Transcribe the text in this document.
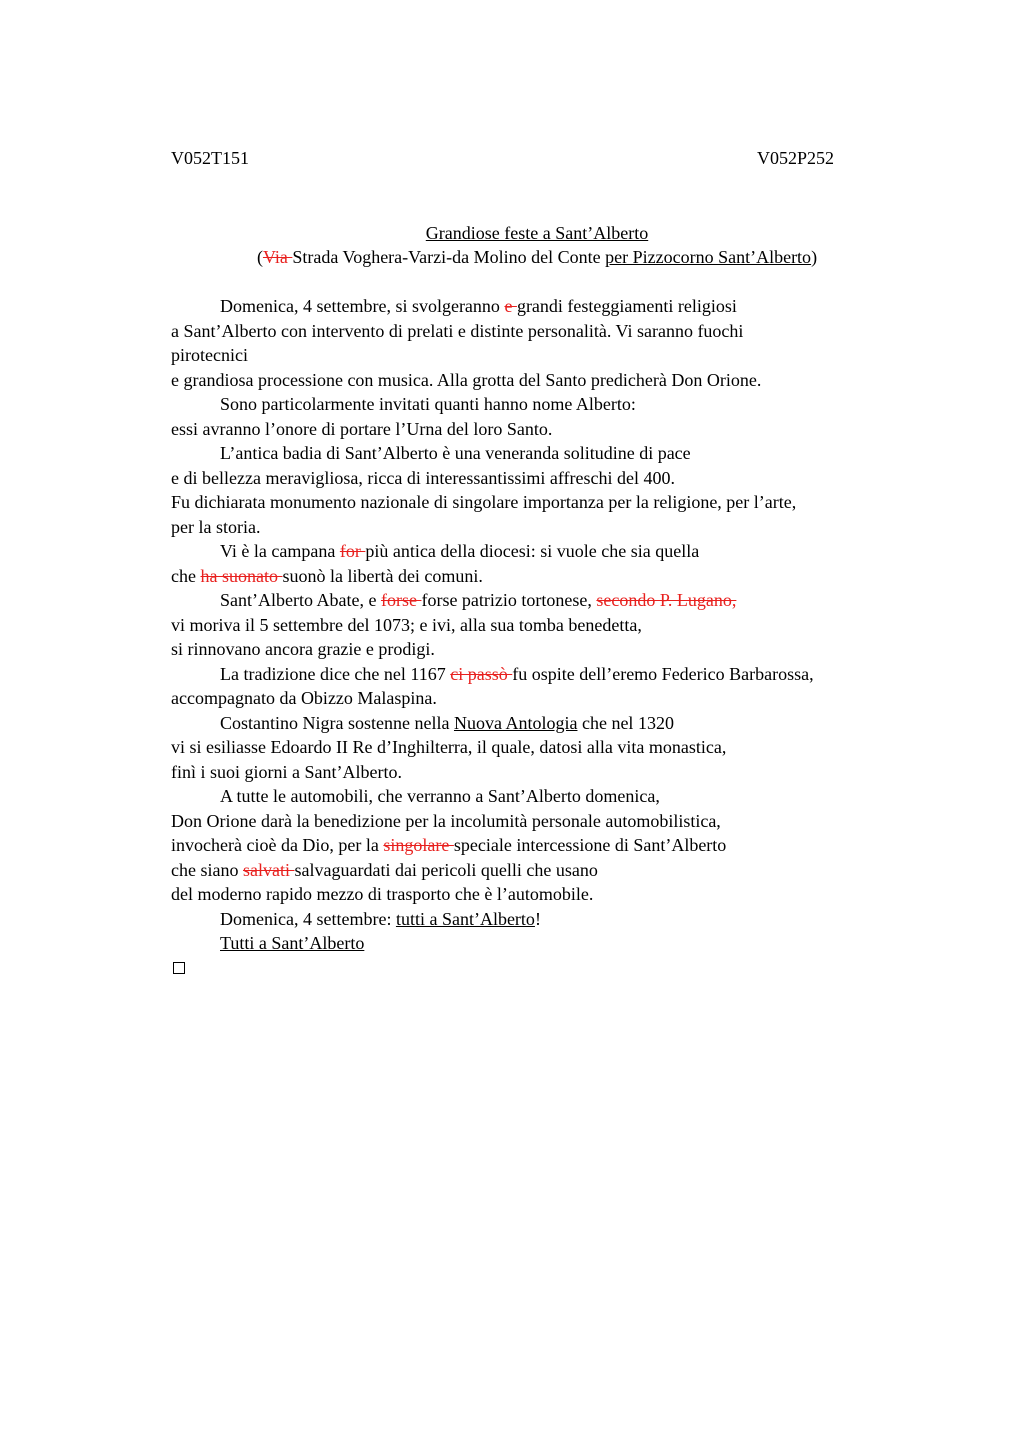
V052T151	V052P252
Grandiose feste a Sant’Alberto
(Via Strada Voghera-Varzi-da Molino del Conte per Pizzocorno Sant’Alberto)
Domenica, 4 settembre, si svolgeranno e grandi festeggiamenti religiosi
a Sant’Alberto con intervento di prelati e distinte personalità. Vi saranno fuochi
pirotecnici
e grandiosa processione con musica. Alla grotta del Santo predicherà Don Orione.
Sono particolarmente invitati quanti hanno nome Alberto:
essi avranno l’onore di portare l’Urna del loro Santo.
L’antica badia di Sant’Alberto è una veneranda solitudine di pace
e di bellezza meravigliosa, ricca di interessantissimi affreschi del 400.
Fu dichiarata monumento nazionale di singolare importanza per la religione, per l’arte,
per la storia.
Vi è la campana for più antica della diocesi: si vuole che sia quella
che ha suonato suonò la libertà dei comuni.
Sant’Alberto Abate, e forse forse patrizio tortonese, secondo P. Lugano,
vi moriva il 5 settembre del 1073; e ivi, alla sua tomba benedetta,
si rinnovano ancora grazie e prodigi.
La tradizione dice che nel 1167 ci passò fu ospite dell’eremo Federico Barbarossa,
accompagnato da Obizzo Malaspina.
Costantino Nigra sostenne nella Nuova Antologia che nel 1320
vi si esiliasse Edoardo II Re d’Inghilterra, il quale, datosi alla vita monastica,
finì i suoi giorni a Sant’Alberto.
A tutte le automobili, che verranno a Sant’Alberto domenica,
Don Orione darà la benedizione per la incolumità personale automobilistica,
invocherà cioè da Dio, per la singolare speciale intercessione di Sant’Alberto
che siano salvati salvaguardati dai pericoli quelli che usano
del moderno rapido mezzo di trasporto che è l’automobile.
Domenica, 4 settembre: tutti a Sant’Alberto!
Tutti a Sant’Alberto
